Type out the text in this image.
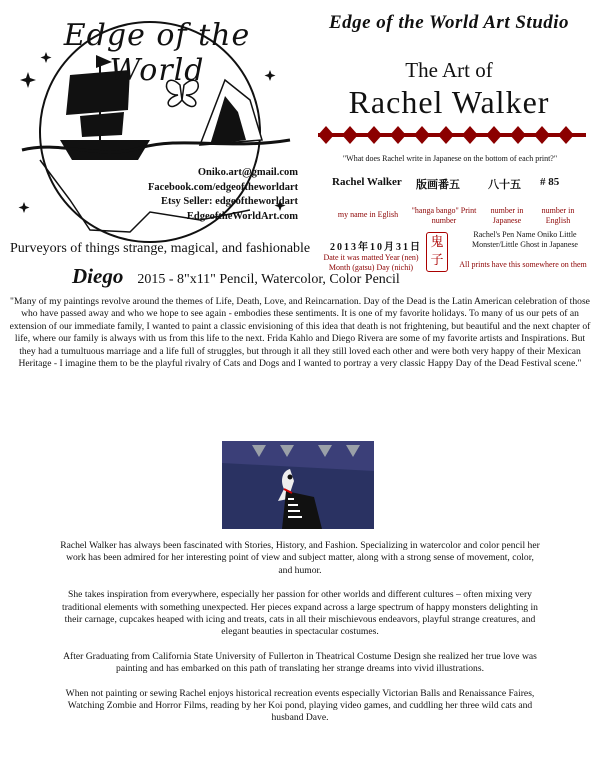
Edge of the World
Oniko.art@gmail.com
Facebook.com/edgeoftheworldart
Etsy Seller: edgeoftheworldart
EdgeoftheWorldArt.com
Purveyors of things strange, magical, and fashionable
Edge of the World Art Studio
The Art of
Rachel Walker
"What does Rachel write in Japanese on the bottom of each print?"
Rachel Walker 版画番五	八十五 # 85
my name in Eglish	"hanga bango" Print number
number in Japanese
number in English
2013年10月31日
Date it was matted Year (nen) Month (gatsu) Day (nichi)
鬼子
Rachel's Pen Name Oniko Little Monster/Little Ghost in Japanese
All prints have this somewhere on them
Diego 2015 - 8"x11" Pencil, Watercolor, Color Pencil
"Many of my paintings revolve around the themes of Life, Death, Love, and Reincarnation. Day of the Dead is the Latin American celebration of those who have passed away and who we hope to see again - embodies these sentiments. It is one of my favorite holidays. To many of us our pets of an extension of our immediate family, I wanted to paint a classic envisioning of this idea that death is not frightening, but beautiful and the next chapter of life, where our family is always with us from this life to the next. Frida Kahlo and Diego Rivera are some of my favorite artists and Inspirations. But they had a tumultuous marriage and a life full of struggles, but through it all they still loved each other and were both very happy of their Mexican Heritage - I imagine them to be the playful rivalry of Cats and Dogs and I wanted to portray a very classic Happy Day of the Dead Festival scene."

Rachel Walker has always been fascinated with Stories, History, and Fashion. Specializing in watercolor and color pencil her work has been admired for her interesting point of view and subject matter, along with a strong sense of movement, color, and humor.

She takes inspiration from everywhere, especially her passion for other worlds and different cultures – often mixing very traditional elements with something unexpected. Her pieces expand across a large spectrum of happy monsters delighting in their carnage, cupcakes heaped with icing and treats, cats in all their mischievous endeavors, playful strange creatures, and elegant beauties in spectacular costumes.

After Graduating from California State University of Fullerton in Theatrical Costume Design she realized her true love was painting and has embarked on this path of translating her strange dreams into vivid illustrations.

When not painting or sewing Rachel enjoys historical recreation events especially Victorian Balls and Renaissance Faires, Watching Zombie and Horror Films, reading by her Koi pond, playing video games, and cuddling her three wild cats and husband Dave.
